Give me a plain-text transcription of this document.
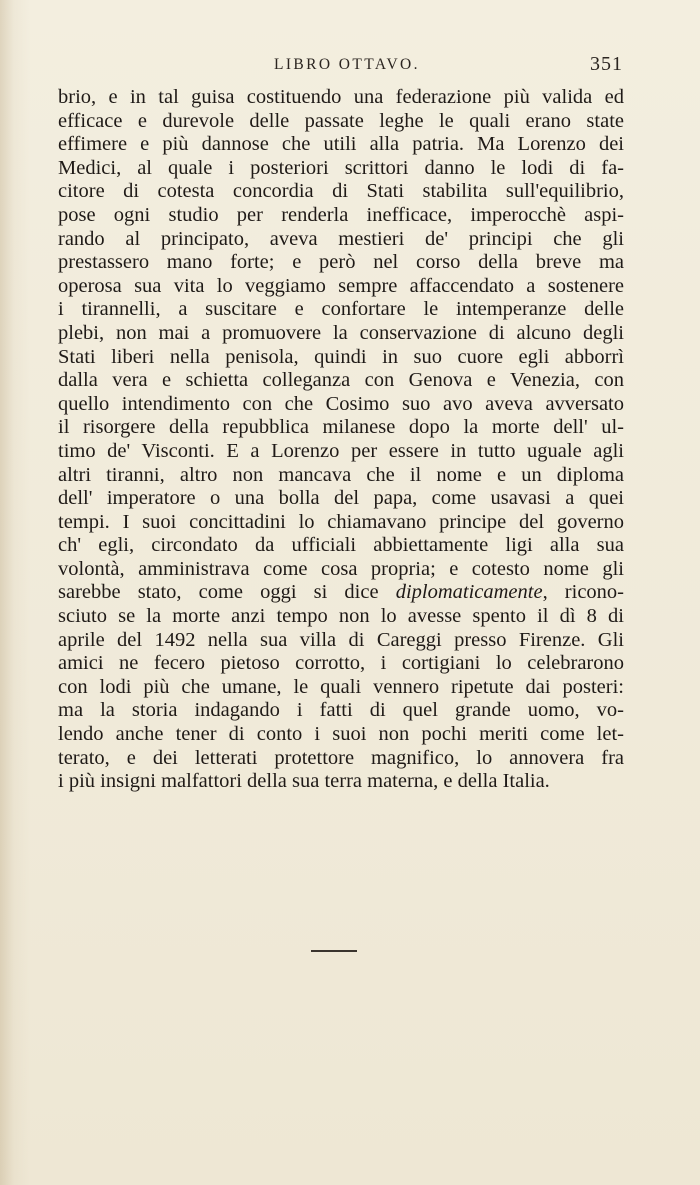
LIBRO OTTAVO.	351
brio, e in tal guisa costituendo una federazione più valida ed
efficace e durevole delle passate leghe le quali erano state
effimere e più dannose che utili alla patria. Ma Lorenzo dei
Medici, al quale i posteriori scrittori danno le lodi di fa-
citore di cotesta concordia di Stati stabilita sull'equilibrio,
pose ogni studio per renderla inefficace, imperocchè aspi-
rando al principato, aveva mestieri de' principi che gli
prestassero mano forte; e però nel corso della breve ma
operosa sua vita lo veggiamo sempre affaccendato a sostenere
i tirannelli, a suscitare e confortare le intemperanze delle
plebi, non mai a promuovere la conservazione di alcuno degli
Stati liberi nella penisola, quindi in suo cuore egli abborrì
dalla vera e schietta colleganza con Genova e Venezia, con
quello intendimento con che Cosimo suo avo aveva avversato
il risorgere della repubblica milanese dopo la morte dell' ul-
timo de' Visconti. E a Lorenzo per essere in tutto uguale agli
altri tiranni, altro non mancava che il nome e un diploma
dell' imperatore o una bolla del papa, come usavasi a quei
tempi. I suoi concittadini lo chiamavano principe del governo
ch' egli, circondato da ufficiali abbiettamente ligi alla sua
volontà, amministrava come cosa propria; e cotesto nome gli
sarebbe stato, come oggi si dice diplomaticamente, ricono-
sciuto se la morte anzi tempo non lo avesse spento il dì 8 di
aprile del 1492 nella sua villa di Careggi presso Firenze. Gli
amici ne fecero pietoso corrotto, i cortigiani lo celebrarono
con lodi più che umane, le quali vennero ripetute dai posteri:
ma la storia indagando i fatti di quel grande uomo, vo-
lendo anche tener di conto i suoi non pochi meriti come let-
terato, e dei letterati protettore magnifico, lo annovera fra
i più insigni malfattori della sua terra materna, e della Italia.
